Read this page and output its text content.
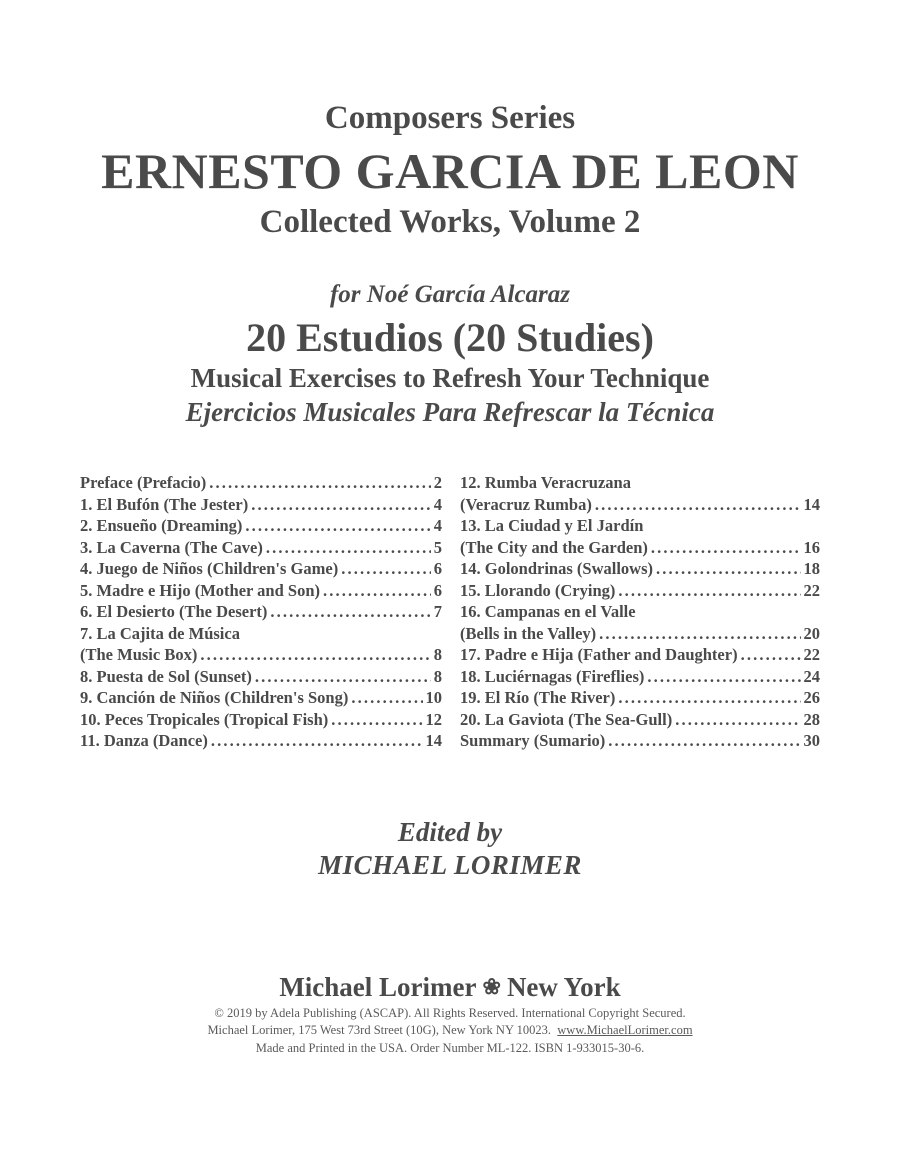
Composers Series
ERNESTO GARCIA DE LEON
Collected Works, Volume 2
for Noé García Alcaraz
20 Estudios (20 Studies)
Musical Exercises to Refresh Your Technique
Ejercicios Musicales Para Refrescar la Técnica
Preface (Prefacio) . . .	2
1. El Bufón (The Jester) . . .	4
2. Ensueño (Dreaming) . . .	4
3. La Caverna (The Cave) . . .	5
4. Juego de Niños (Children's Game) . . .	6
5. Madre e Hijo (Mother and Son) . . .	6
6. El Desierto (The Desert) . . .	7
7. La Cajita de Música
(The Music Box) . . .	8
8. Puesta de Sol (Sunset) . . .	8
9. Canción de Niños (Children's Song) . . .	10
10. Peces Tropicales (Tropical Fish) . . .	12
11. Danza (Dance) . . .	14
12. Rumba Veracruzana
(Veracruz Rumba) . . .	14
13. La Ciudad y El Jardín
(The City and the Garden) . . .	16
14. Golondrinas (Swallows) . . .	18
15. Llorando (Crying) . . .	22
16. Campanas en el Valle
(Bells in the Valley) . . .	20
17. Padre e Hija (Father and Daughter) . . .	22
18. Luciérnagas (Fireflies) . . .	24
19. El Río (The River) . . .	26
20. La Gaviota (The Sea-Gull) . . .	28
Summary (Sumario) . . .	30
Edited by
MICHAEL LORIMER
Michael Lorimer ❀ New York
© 2019 by Adela Publishing (ASCAP). All Rights Reserved. International Copyright Secured.
Michael Lorimer, 175 West 73rd Street (10G), New York NY 10023. www.MichaelLorimer.com
Made and Printed in the USA. Order Number ML-122. ISBN 1-933015-30-6.
